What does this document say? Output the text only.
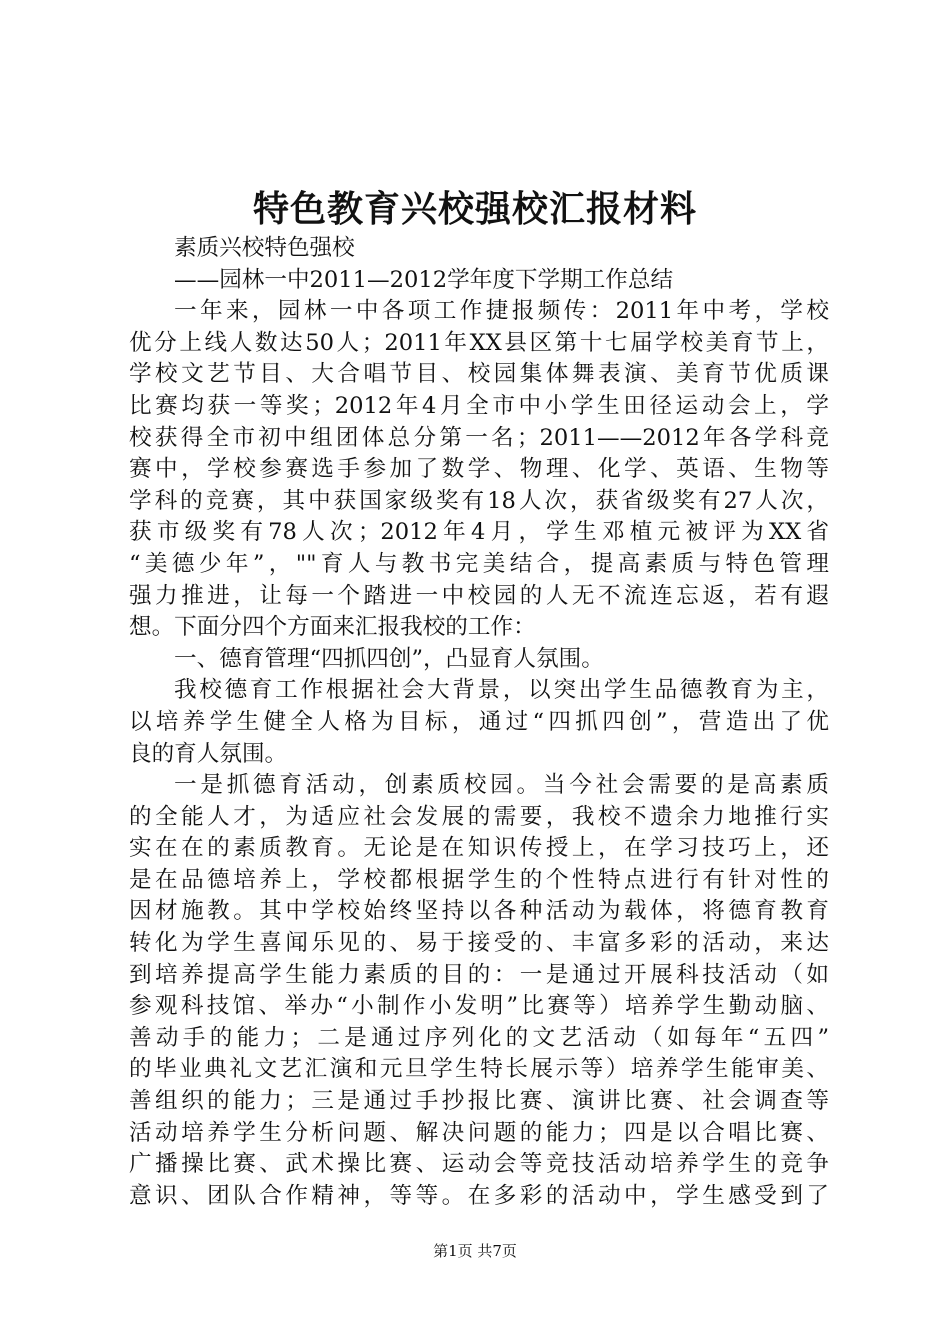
特色教育兴校强校汇报材料

素质兴校特色强校

——园林一中2011—2012学年度下学期工作总结

一年来，园林一中各项工作捷报频传：2011年中考，学校

优分上线人数达50人；2011年XX县区第十七届学校美育节上，

学校文艺节目、大合唱节目、校园集体舞表演、美育节优质课

比赛均获一等奖；2012年4月全市中小学生田径运动会上，学

校获得全市初中组团体总分第一名；2011——2012年各学科竞

赛中，学校参赛选手参加了数学、物理、化学、英语、生物等

学科的竞赛，其中获国家级奖有18人次，获省级奖有27人次，

获市级奖有78人次；2012年4月，学生邓植元被评为XX省

“美德少年”，""育人与教书完美结合，提高素质与特色管理

强力推进，让每一个踏进一中校园的人无不流连忘返，若有遐

想。下面分四个方面来汇报我校的工作：

一、德育管理“四抓四创”，凸显育人氛围。

我校德育工作根据社会大背景，以突出学生品德教育为主，

以培养学生健全人格为目标，通过“四抓四创”，营造出了优

良的育人氛围。

一是抓德育活动，创素质校园。当今社会需要的是高素质

的全能人才，为适应社会发展的需要，我校不遗余力地推行实

实在在的素质教育。无论是在知识传授上，在学习技巧上，还

是在品德培养上，学校都根据学生的个性特点进行有针对性的

因材施教。其中学校始终坚持以各种活动为载体，将德育教育

转化为学生喜闻乐见的、易于接受的、丰富多彩的活动，来达

到培养提高学生能力素质的目的：一是通过开展科技活动（如

参观科技馆、举办“小制作小发明”比赛等）培养学生勤动脑、

善动手的能力；二是通过序列化的文艺活动（如每年“五四”

的毕业典礼文艺汇演和元旦学生特长展示等）培养学生能审美、

善组织的能力；三是通过手抄报比赛、演讲比赛、社会调查等

活动培养学生分析问题、解决问题的能力；四是以合唱比赛、

广播操比赛、武术操比赛、运动会等竞技活动培养学生的竞争

意识、团队合作精神，等等。在多彩的活动中，学生感受到了

第1页 共7页
